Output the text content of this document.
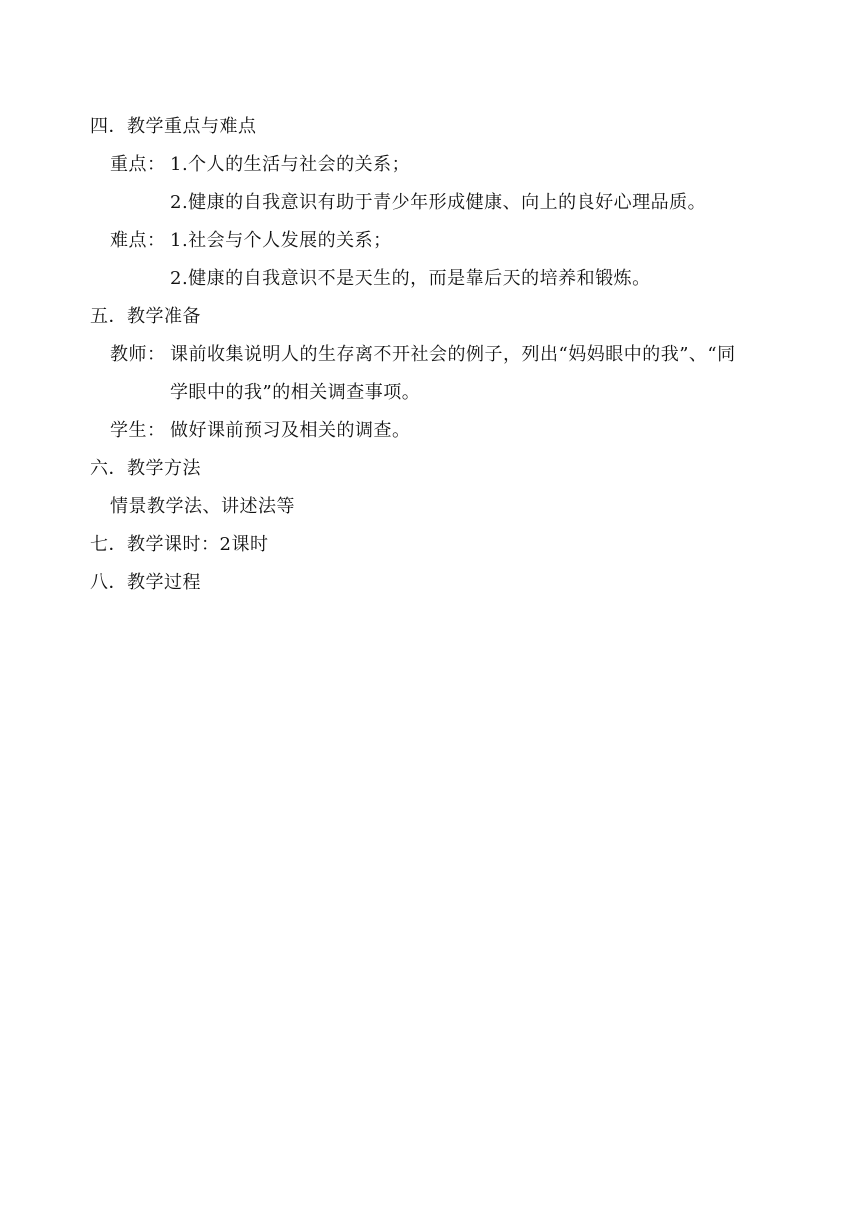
四．教学重点与难点
重点： 1.个人的生活与社会的关系；
2.健康的自我意识有助于青少年形成健康、向上的良好心理品质。
难点： 1.社会与个人发展的关系；
2.健康的自我意识不是天生的，而是靠后天的培养和锻炼。
五．教学准备
教师： 课前收集说明人的生存离不开社会的例子，列出“妈妈眼中的我”、“同
学眼中的我”的相关调查事项。
学生： 做好课前预习及相关的调查。
六．教学方法
情景教学法、讲述法等
七．教学课时：2课时
八．教学过程
